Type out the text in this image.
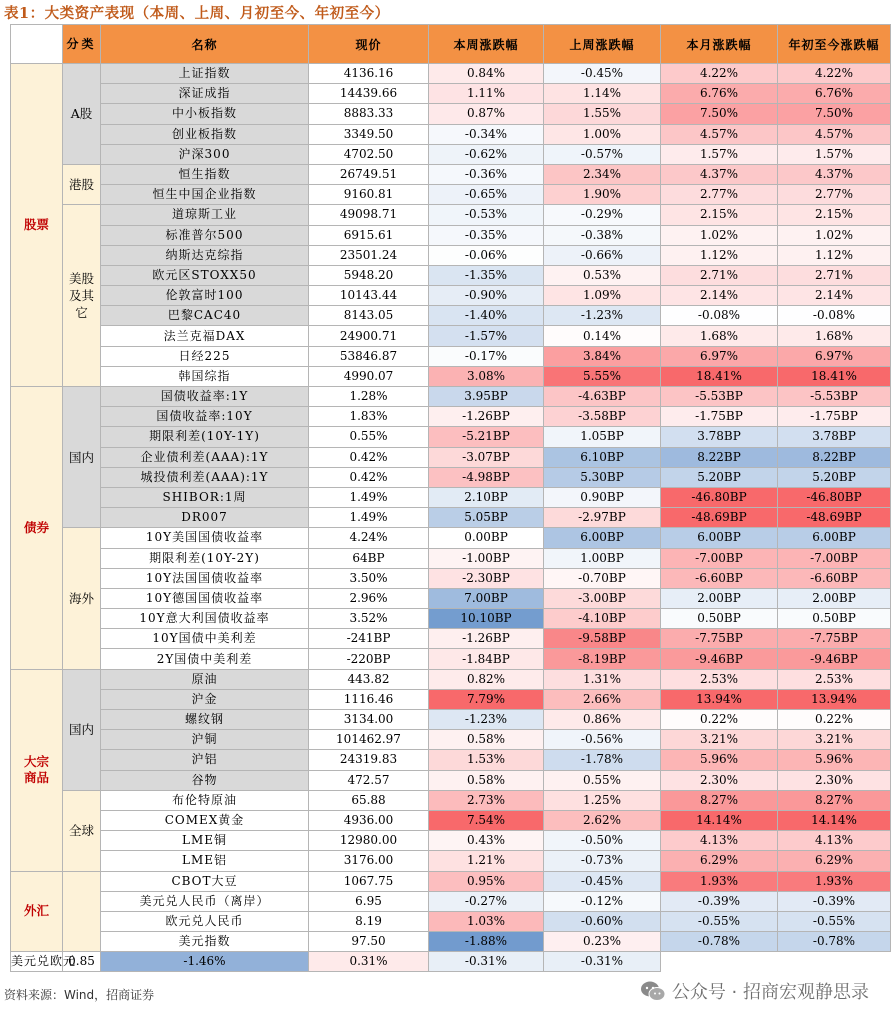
表1：大类资产表现（本周、上周、月初至今、年初至今）
	分类	名称	现价	本周涨跌幅	上周涨跌幅	本月涨跌幅	年初至今涨跌幅
股票	A股	上证指数	4136.16	0.84%	-0.45%	4.22%	4.22%
		深证成指	14439.66	1.11%	1.14%	6.76%	6.76%
		中小板指数	8883.33	0.87%	1.55%	7.50%	7.50%
		创业板指数	3349.50	-0.34%	1.00%	4.57%	4.57%
		沪深300	4702.50	-0.62%	-0.57%	1.57%	1.57%
	港股	恒生指数	26749.51	-0.36%	2.34%	4.37%	4.37%
		恒生中国企业指数	9160.81	-0.65%	1.90%	2.77%	2.77%
	美股及其它	道琼斯工业	49098.71	-0.53%	-0.29%	2.15%	2.15%
		标准普尔500	6915.61	-0.35%	-0.38%	1.02%	1.02%
		纳斯达克综指	23501.24	-0.06%	-0.66%	1.12%	1.12%
		欧元区STOXX50	5948.20	-1.35%	0.53%	2.71%	2.71%
		伦敦富时100	10143.44	-0.90%	1.09%	2.14%	2.14%
		巴黎CAC40	8143.05	-1.40%	-1.23%	-0.08%	-0.08%
		法兰克福DAX	24900.71	-1.57%	0.14%	1.68%	1.68%
		日经225	53846.87	-0.17%	3.84%	6.97%	6.97%
		韩国综指	4990.07	3.08%	5.55%	18.41%	18.41%
债券	国内	国债收益率:1Y	1.28%	3.95BP	-4.63BP	-5.53BP	-5.53BP
		国债收益率:10Y	1.83%	-1.26BP	-3.58BP	-1.75BP	-1.75BP
		期限利差(10Y-1Y)	0.55%	-5.21BP	1.05BP	3.78BP	3.78BP
		企业债利差(AAA):1Y	0.42%	-3.07BP	6.10BP	8.22BP	8.22BP
		城投债利差(AAA):1Y	0.42%	-4.98BP	5.30BP	5.20BP	5.20BP
		SHIBOR:1周	1.49%	2.10BP	0.90BP	-46.80BP	-46.80BP
		DR007	1.49%	5.05BP	-2.97BP	-48.69BP	-48.69BP
	海外	10Y美国国债收益率	4.24%	0.00BP	6.00BP	6.00BP	6.00BP
		期限利差(10Y-2Y)	64BP	-1.00BP	1.00BP	-7.00BP	-7.00BP
		10Y法国国债收益率	3.50%	-2.30BP	-0.70BP	-6.60BP	-6.60BP
		10Y德国国债收益率	2.96%	7.00BP	-3.00BP	2.00BP	2.00BP
		10Y意大利国债收益率	3.52%	10.10BP	-4.10BP	0.50BP	0.50BP
		10Y国债中美利差	-241BP	-1.26BP	-9.58BP	-7.75BP	-7.75BP
		2Y国债中美利差	-220BP	-1.84BP	-8.19BP	-9.46BP	-9.46BP
大宗商品	国内	原油	443.82	0.82%	1.31%	2.53%	2.53%
		沪金	1116.46	7.79%	2.66%	13.94%	13.94%
		螺纹钢	3134.00	-1.23%	0.86%	0.22%	0.22%
		沪铜	101462.97	0.58%	-0.56%	3.21%	3.21%
		沪铝	24319.83	1.53%	-1.78%	5.96%	5.96%
		谷物	472.57	0.58%	0.55%	2.30%	2.30%
	全球	布伦特原油	65.88	2.73%	1.25%	8.27%	8.27%
		COMEX黄金	4936.00	7.54%	2.62%	14.14%	14.14%
		LME铜	12980.00	0.43%	-0.50%	4.13%	4.13%
		LME铝	3176.00	1.21%	-0.73%	6.29%	6.29%
外汇		CBOT大豆	1067.75	0.95%	-0.45%	1.93%	1.93%
		美元兑人民币（离岸）	6.95	-0.27%	-0.12%	-0.39%	-0.39%
		欧元兑人民币	8.19	1.03%	-0.60%	-0.55%	-0.55%
		美元指数	97.50	-1.88%	0.23%	-0.78%	-0.78%
美元兑欧元	0.85	-1.46%	0.31%	-0.31%	-0.31%		
资料来源：Wind，招商证券	公众号 · 招商宏观静思录
